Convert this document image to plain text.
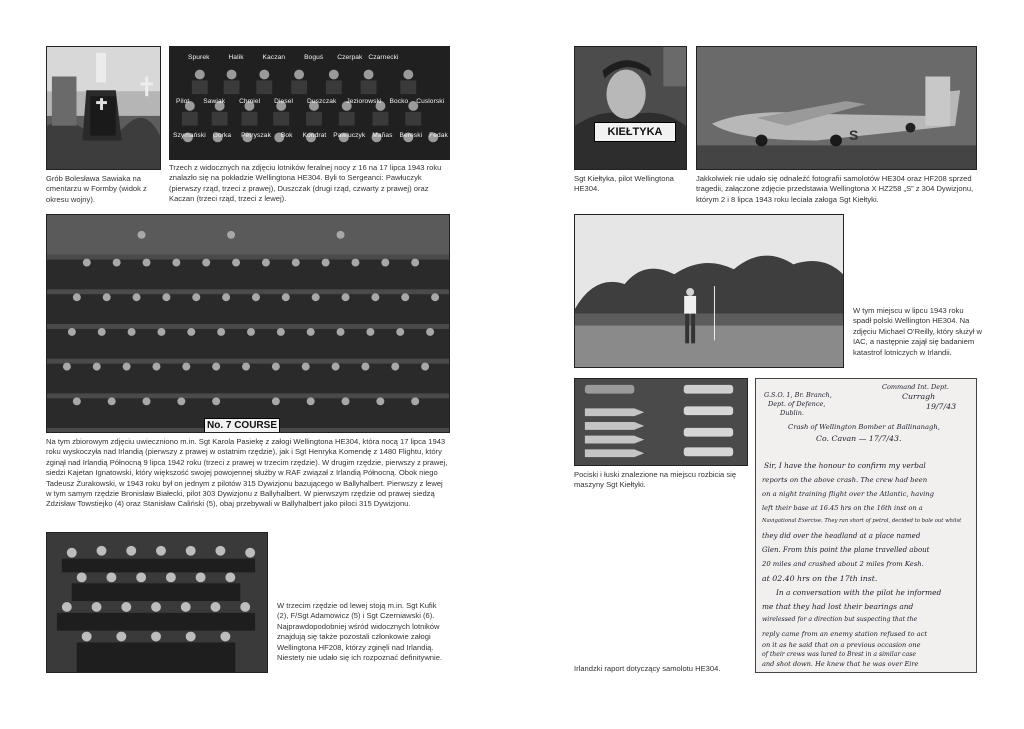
Grób Bolesława Sawiaka na cmentarzu w Formby (widok z okresu wojny).
Spurek	Halik	Kaczan	Boguś Czerpak Czarnecki
Pilot Sawiak Chmiel Diesel Duszczak Jeziorowski Bocko Cuslorski
Szymański Gorka Petryszak Bok Kondrat Pawluczyk Mañas Bereski Fedak
Trzech z widocznych na zdjęciu lotników feralnej nocy z 16 na 17 lipca 1943 roku znalazło się na pokładzie Wellingtona HE304. Byli to Sergeanci: Pawłuczyk (pierwszy rząd, trzeci z prawej), Duszczak (drugi rząd, czwarty z prawej) oraz Kaczan (trzeci rząd, trzeci z lewej).
No. 7 COURSE
Na tym zbiorowym zdjęciu uwieczniono m.in. Sgt Karola Pasiekę z załogi Wellingtona HE304, która nocą 17 lipca 1943 roku wyskoczyła nad Irlandią (pierwszy z prawej w ostatnim rzędzie), jak i Sgt Henryka Komendę z 1480 Flightu, który zginął nad Irlandią Północną 9 lipca 1942 roku (trzeci z prawej w trzecim rzędzie). W drugim rzędzie, pierwszy z prawej, siedzi Kajetan Ignatowski, który większość swojej powojennej służby w RAF związał z Irlandią Północną. Obok niego Tadeusz Żurakowski, w 1943 roku był on jednym z pilotów 315 Dywizjonu bazującego w Ballyhalbert. Pierwszy z lewej w tym samym rzędzie Bronisław Białecki, pilot 303 Dywizjonu z Ballyhalbert. W pierwszym rzędzie od prawej siedzą Zdzisław Towstiejko (4) oraz Stanisław Caliński (5), obaj przebywali w Ballyhalbert jako piloci 315 Dywizjonu.
W trzecim rzędzie od lewej stoją m.in. Sgt Kufik (2), F/Sgt Adamowicz (5) i Sgt Czerniawski (6). Najprawdopodobniej wśród widocznych lotników znajdują się także pozostali członkowie załogi Wellingtona HF208, którzy zginęli nad Irlandią. Niestety nie udało się ich rozpoznać definitywnie.
KIEŁTYKA
Sgt Kiełtyka, pilot Wellingtona HE304.
S
Jakkolwiek nie udało się odnaleźć fotografii samolotów HE304 oraz HF208 sprzed tragedii, załączone zdjęcie przedstawia Wellingtona X HZ258 „S” z 304 Dywizjonu, którym 2 i 8 lipca 1943 roku leciała załoga Sgt Kiełtyki.
W tym miejscu w lipcu 1943 roku spadł polski Wellington HE304. Na zdjęciu Michael O’Reilly, który służył w IAC, a następnie zajął się badaniem katastrof lotniczych w Irlandii.
Pociski i łuski znalezione na miejscu rozbicia się maszyny Sgt Kiełtyki.
Command Int. Dept.
Curragh
19/7/43
G.S.O. 1, Br. Branch,
Dept. of Defence,
Dublin.
Crash of Wellington Bomber at Ballinanagh,
Co. Cavan — 17/7/43.
Sir, I have the honour to confirm my verbal
reports on the above crash. The crew had been
on a night training flight over the Atlantic, having
left their base at 16.45 hrs on the 16th inst on a
Navigational Exercise. They ran short of petrol, decided to bale out whilst
they did over the headland at a place named
Glen. From this point the plane travelled about
20 miles and crashed about 2 miles from Kesh.
at 02.40 hrs on the 17th inst.
In a conversation with the pilot he informed
me that they had lost their bearings and
wirelessed for a direction but suspecting that the
reply came from an enemy station refused to act
on it as he said that on a previous occasion one
of their crews was lured to Brest in a similar case
and shot down. He knew that he was over Eire
Irlandzki raport dotyczący samolotu HE304.
